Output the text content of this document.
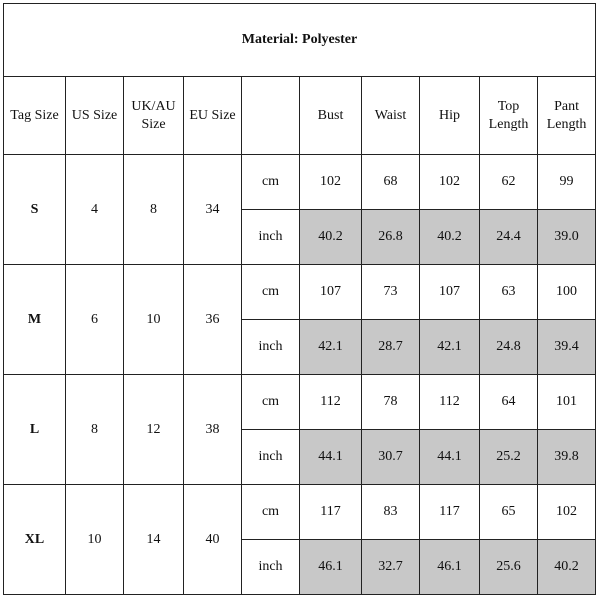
Material: Polyester									
Tag Size	US Size	UK/AU Size	EU Size		Bust	Waist	Hip	Top Length	Pant Length
S	4	8	34	cm	102	68	102	62	99
				inch	40.2	26.8	40.2	24.4	39.0
M	6	10	36	cm	107	73	107	63	100
				inch	42.1	28.7	42.1	24.8	39.4
L	8	12	38	cm	112	78	112	64	101
				inch	44.1	30.7	44.1	25.2	39.8
XL	10	14	40	cm	117	83	117	65	102
				inch	46.1	32.7	46.1	25.6	40.2
